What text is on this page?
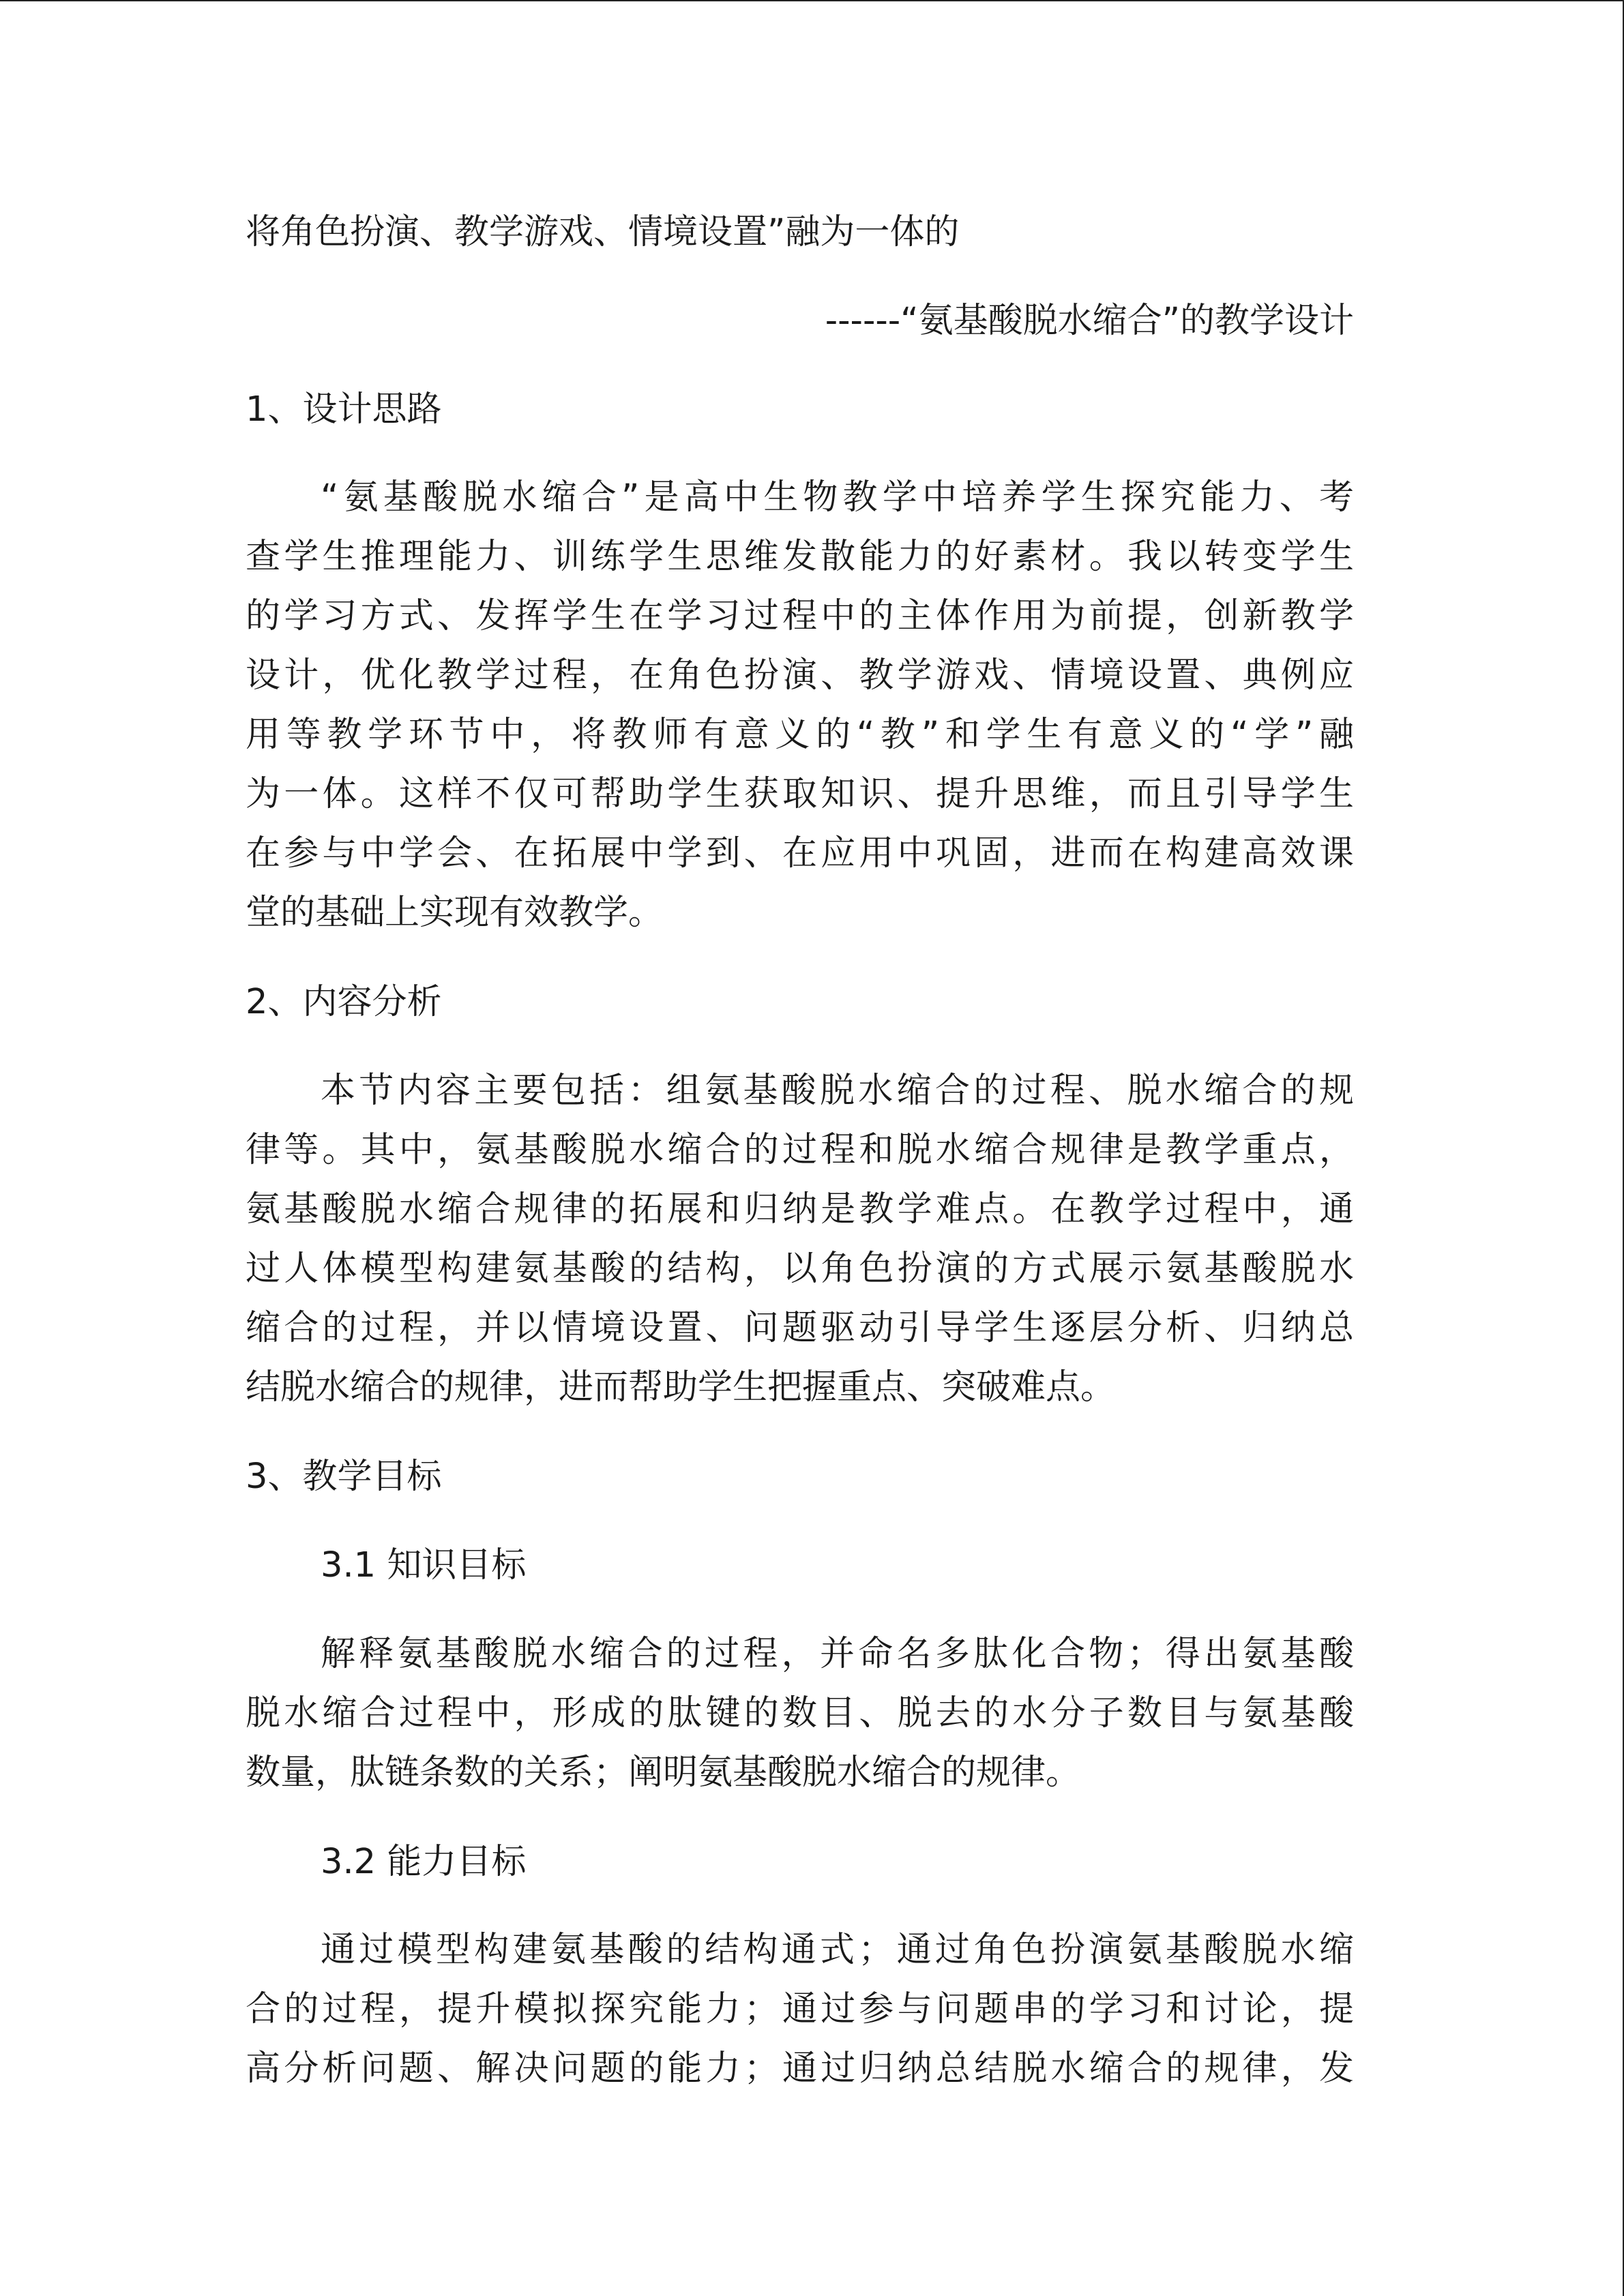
将角色扮演、教学游戏、情境设置”融为一体的
------“氨基酸脱水缩合”的教学设计
1、设计思路
“氨基酸脱水缩合”是高中生物教学中培养学生探究能力、考
查学生推理能力、训练学生思维发散能力的好素材。我以转变学生
的学习方式、发挥学生在学习过程中的主体作用为前提，创新教学
设计，优化教学过程，在角色扮演、教学游戏、情境设置、典例应
用等教学环节中，将教师有意义的“教”和学生有意义的“学”融
为一体。这样不仅可帮助学生获取知识、提升思维，而且引导学生
在参与中学会、在拓展中学到、在应用中巩固，进而在构建高效课
堂的基础上实现有效教学。
2、内容分析
本节内容主要包括：组氨基酸脱水缩合的过程、脱水缩合的规
律等。其中，氨基酸脱水缩合的过程和脱水缩合规律是教学重点，
氨基酸脱水缩合规律的拓展和归纳是教学难点。在教学过程中，通
过人体模型构建氨基酸的结构，以角色扮演的方式展示氨基酸脱水
缩合的过程，并以情境设置、问题驱动引导学生逐层分析、归纳总
结脱水缩合的规律，进而帮助学生把握重点、突破难点。
3、教学目标
3.1 知识目标
解释氨基酸脱水缩合的过程，并命名多肽化合物；得出氨基酸
脱水缩合过程中，形成的肽键的数目、脱去的水分子数目与氨基酸
数量，肽链条数的关系；阐明氨基酸脱水缩合的规律。
3.2 能力目标
通过模型构建氨基酸的结构通式；通过角色扮演氨基酸脱水缩
合的过程，提升模拟探究能力；通过参与问题串的学习和讨论，提
高分析问题、解决问题的能力；通过归纳总结脱水缩合的规律，发
